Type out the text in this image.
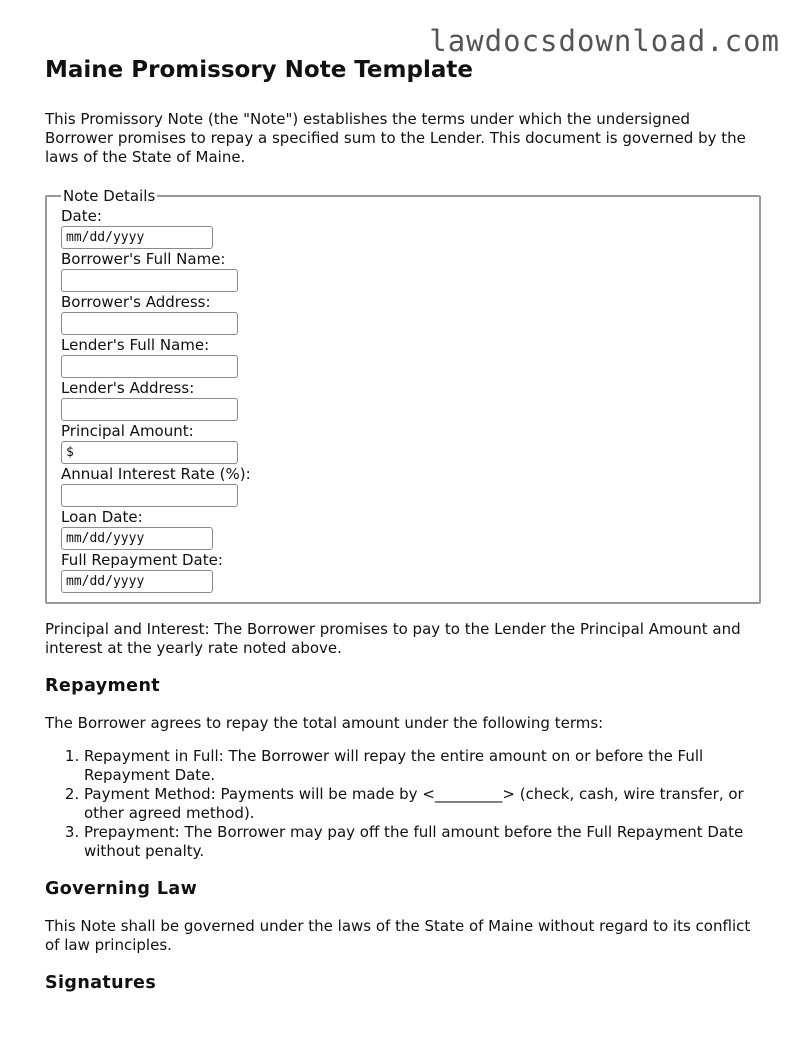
lawdocsdownload.com
Maine Promissory Note Template

This Promissory Note (the "Note") establishes the terms under which the undersigned Borrower promises to repay a specified sum to the Lender. This document is governed by the laws of the State of Maine.

Note Details
Date:
mm/dd/yyyy
Borrower's Full Name:
Borrower's Address:
Lender's Full Name:
Lender's Address:
Principal Amount:
$
Annual Interest Rate (%):
Loan Date:
mm/dd/yyyy
Full Repayment Date:
mm/dd/yyyy

Principal and Interest: The Borrower promises to pay to the Lender the Principal Amount and interest at the yearly rate noted above.

Repayment

The Borrower agrees to repay the total amount under the following terms:

1. Repayment in Full: The Borrower will repay the entire amount on or before the Full Repayment Date.
2. Payment Method: Payments will be made by <_________> (check, cash, wire transfer, or other agreed method).
3. Prepayment: The Borrower may pay off the full amount before the Full Repayment Date without penalty.
Governing Law

This Note shall be governed under the laws of the State of Maine without regard to its conflict of law principles.

Signatures
